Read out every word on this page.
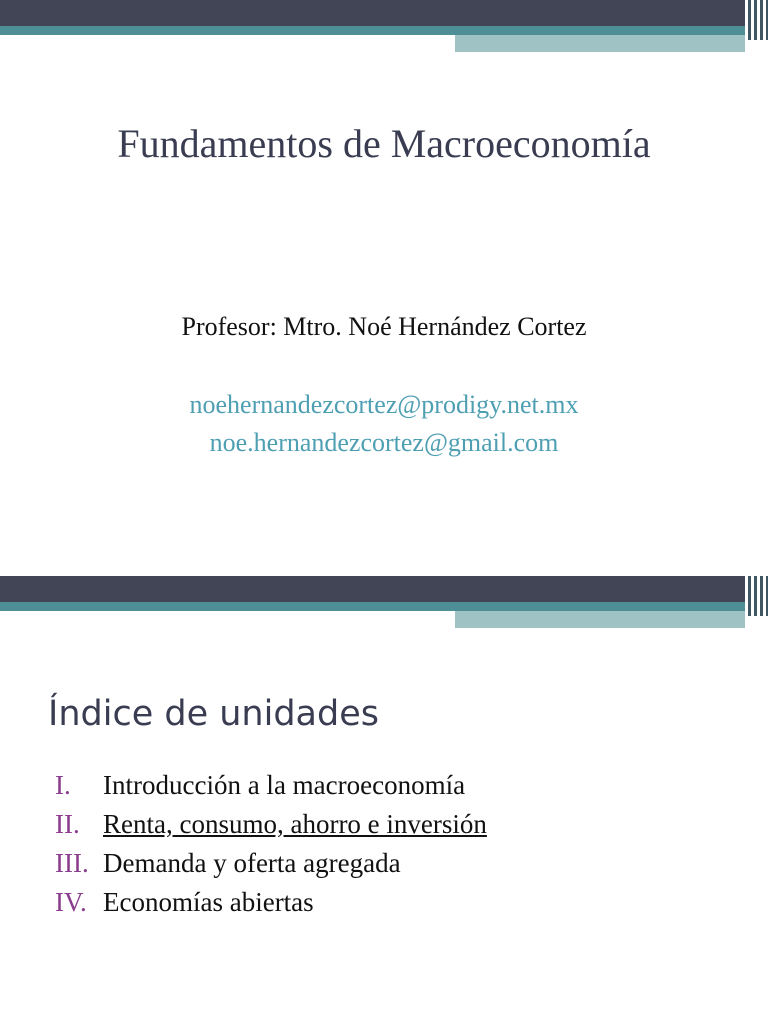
Fundamentos de Macroeconomía
Profesor: Mtro. Noé Hernández Cortez
noehernandezcortez@prodigy.net.mx
noe.hernandezcortez@gmail.com
Índice de unidades
I. Introducción a la macroeconomía
II. Renta, consumo, ahorro e inversión
III. Demanda y oferta agregada
IV. Economías abiertas
